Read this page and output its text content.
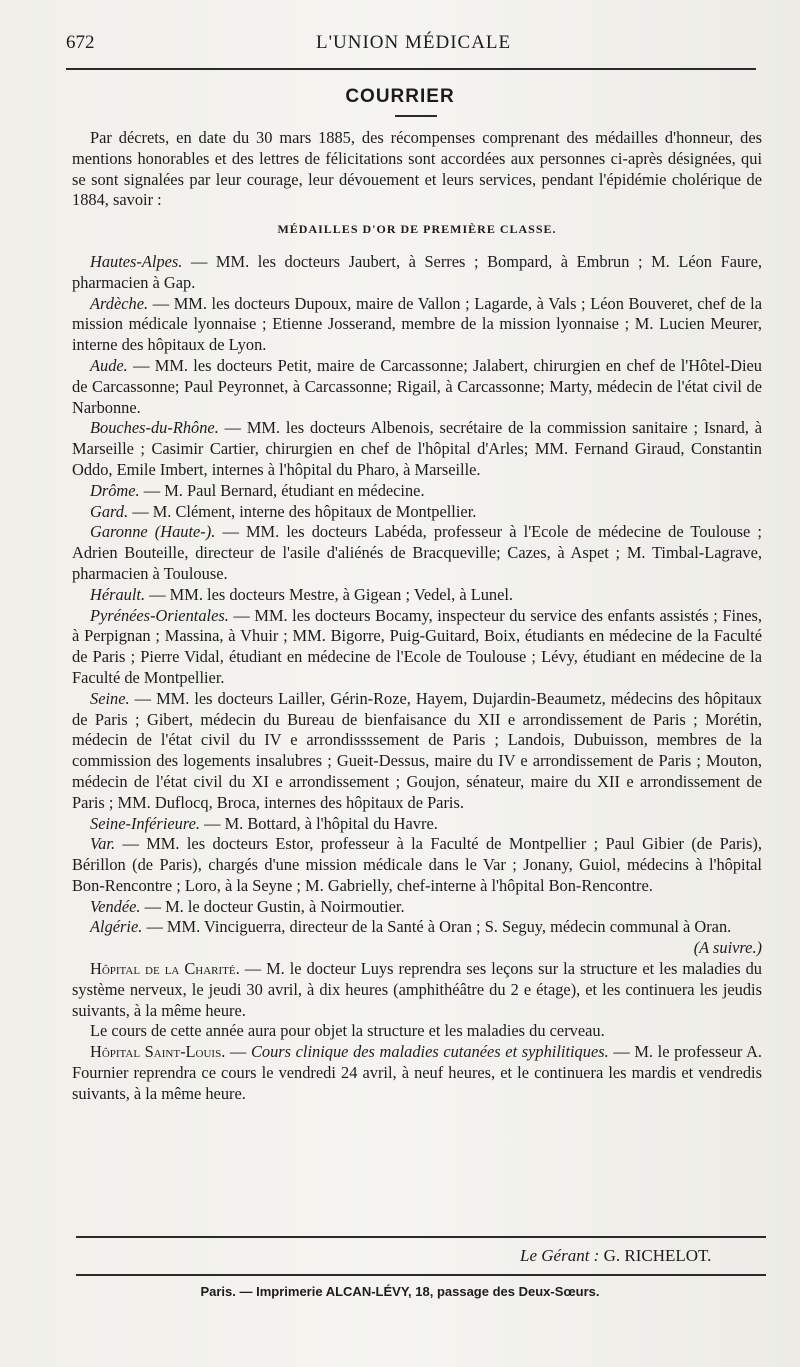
672	L'UNION MÉDICALE
COURRIER

Par décrets, en date du 30 mars 1885, des récompenses comprenant des médailles d'honneur, des mentions honorables et des lettres de félicitations sont accordées aux personnes ci-après désignées, qui se sont signalées par leur courage, leur dévouement et leurs services, pendant l'épidémie cholérique de 1884, savoir :

MÉDAILLES D'OR DE PREMIÈRE CLASSE.

Hautes-Alpes. — MM. les docteurs Jaubert, à Serres ; Bompard, à Embrun ; M. Léon Faure, pharmacien à Gap.

Ardèche. — MM. les docteurs Dupoux, maire de Vallon ; Lagarde, à Vals ; Léon Bouveret, chef de la mission médicale lyonnaise ; Etienne Josserand, membre de la mission lyonnaise ; M. Lucien Meurer, interne des hôpitaux de Lyon.

Aude. — MM. les docteurs Petit, maire de Carcassonne; Jalabert, chirurgien en chef de l'Hôtel-Dieu de Carcassonne; Paul Peyronnet, à Carcassonne; Rigail, à Carcassonne; Marty, médecin de l'état civil de Narbonne.

Bouches-du-Rhône. — MM. les docteurs Albenois, secrétaire de la commission sanitaire ; Isnard, à Marseille ; Casimir Cartier, chirurgien en chef de l'hôpital d'Arles; MM. Fernand Giraud, Constantin Oddo, Emile Imbert, internes à l'hôpital du Pharo, à Marseille.

Drôme. — M. Paul Bernard, étudiant en médecine.

Gard. — M. Clément, interne des hôpitaux de Montpellier.

Garonne (Haute-). — MM. les docteurs Labéda, professeur à l'Ecole de médecine de Toulouse ; Adrien Bouteille, directeur de l'asile d'aliénés de Bracqueville; Cazes, à Aspet ; M. Timbal-Lagrave, pharmacien à Toulouse.

Hérault. — MM. les docteurs Mestre, à Gigean ; Vedel, à Lunel.

Pyrénées-Orientales. — MM. les docteurs Bocamy, inspecteur du service des enfants assistés ; Fines, à Perpignan ; Massina, à Vhuir ; MM. Bigorre, Puig-Guitard, Boix, étudiants en médecine de la Faculté de Paris ; Pierre Vidal, étudiant en médecine de l'Ecole de Toulouse ; Lévy, étudiant en médecine de la Faculté de Montpellier.

Seine. — MM. les docteurs Lailler, Gérin-Roze, Hayem, Dujardin-Beaumetz, médecins des hôpitaux de Paris ; Gibert, médecin du Bureau de bienfaisance du XII e arrondissement de Paris ; Morétin, médecin de l'état civil du IV e arrondissssement de Paris ; Landois, Dubuisson, membres de la commission des logements insalubres ; Gueit-Dessus, maire du IV e arrondissement de Paris ; Mouton, médecin de l'état civil du XI e arrondissement ; Goujon, sénateur, maire du XII e arrondissement de Paris ; MM. Duflocq, Broca, internes des hôpitaux de Paris.

Seine-Inférieure. — M. Bottard, à l'hôpital du Havre.

Var. — MM. les docteurs Estor, professeur à la Faculté de Montpellier ; Paul Gibier (de Paris), Bérillon (de Paris), chargés d'une mission médicale dans le Var ; Jonany, Guiol, médecins à l'hôpital Bon-Rencontre ; Loro, à la Seyne ; M. Gabrielly, chef-interne à l'hôpital Bon-Rencontre.

Vendée. — M. le docteur Gustin, à Noirmoutier.

Algérie. — MM. Vinciguerra, directeur de la Santé à Oran ; S. Seguy, médecin communal à Oran.

(A suivre.)

Hôpital de la Charité. — M. le docteur Luys reprendra ses leçons sur la structure et les maladies du système nerveux, le jeudi 30 avril, à dix heures (amphithéâtre du 2 e étage), et les continuera les jeudis suivants, à la même heure.

Le cours de cette année aura pour objet la structure et les maladies du cerveau.

Hôpital Saint-Louis. — Cours clinique des maladies cutanées et syphilitiques. — M. le professeur A. Fournier reprendra ce cours le vendredi 24 avril, à neuf heures, et le continuera les mardis et vendredis suivants, à la même heure.

Le Gérant : G. RICHELOT.
Paris. — Imprimerie ALCAN-LÉVY, 18, passage des Deux-Sœurs.
